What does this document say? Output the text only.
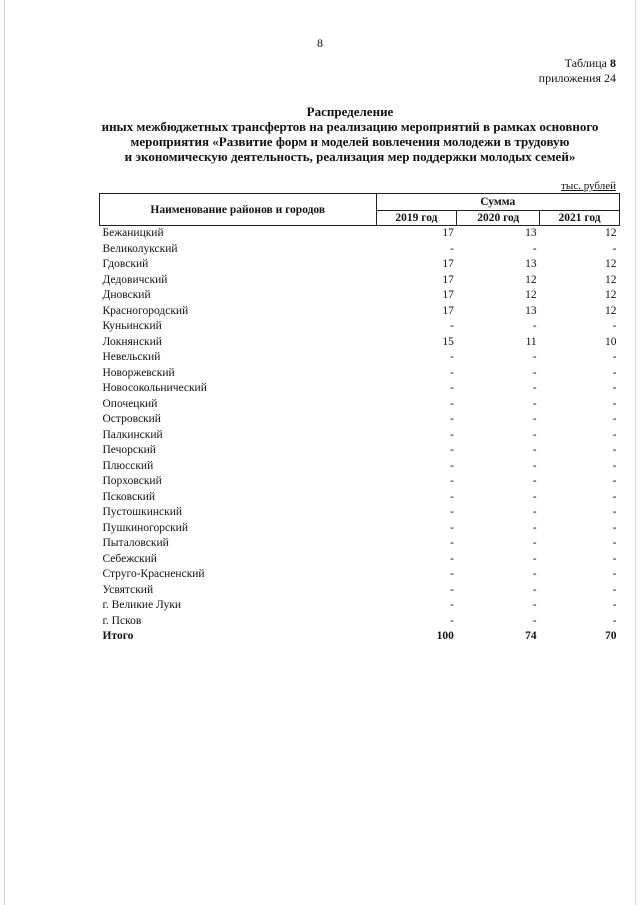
8
Таблица 8
приложения 24
Распределение
иных межбюджетных трансфертов на реализацию мероприятий в рамках основного
мероприятия «Развитие форм и моделей вовлечения молодежи в трудовую
и экономическую деятельность, реализация мер поддержки молодых семей»
тыс. рублей
Наименование районов и городов	Сумма		
	2019 год	2020 год	2021 год
Бежаницкий	17	13	12
Великолукский	-	-	-
Гдовский	17	13	12
Дедовичский	17	12	12
Дновский	17	12	12
Красногородский	17	13	12
Куньинский	-	-	-
Локнянский	15	11	10
Невельский	-	-	-
Новоржевский	-	-	-
Новосокольнический	-	-	-
Опочецкий	-	-	-
Островский	-	-	-
Палкинский	-	-	-
Печорский	-	-	-
Плюсский	-	-	-
Порховский	-	-	-
Псковский	-	-	-
Пустошкинский	-	-	-
Пушкиногорский	-	-	-
Пыталовский	-	-	-
Себежский	-	-	-
Струго-Красненский	-	-	-
Усвятский	-	-	-
г. Великие Луки	-	-	-
г. Псков	-	-	-
Итого	100	74	70
